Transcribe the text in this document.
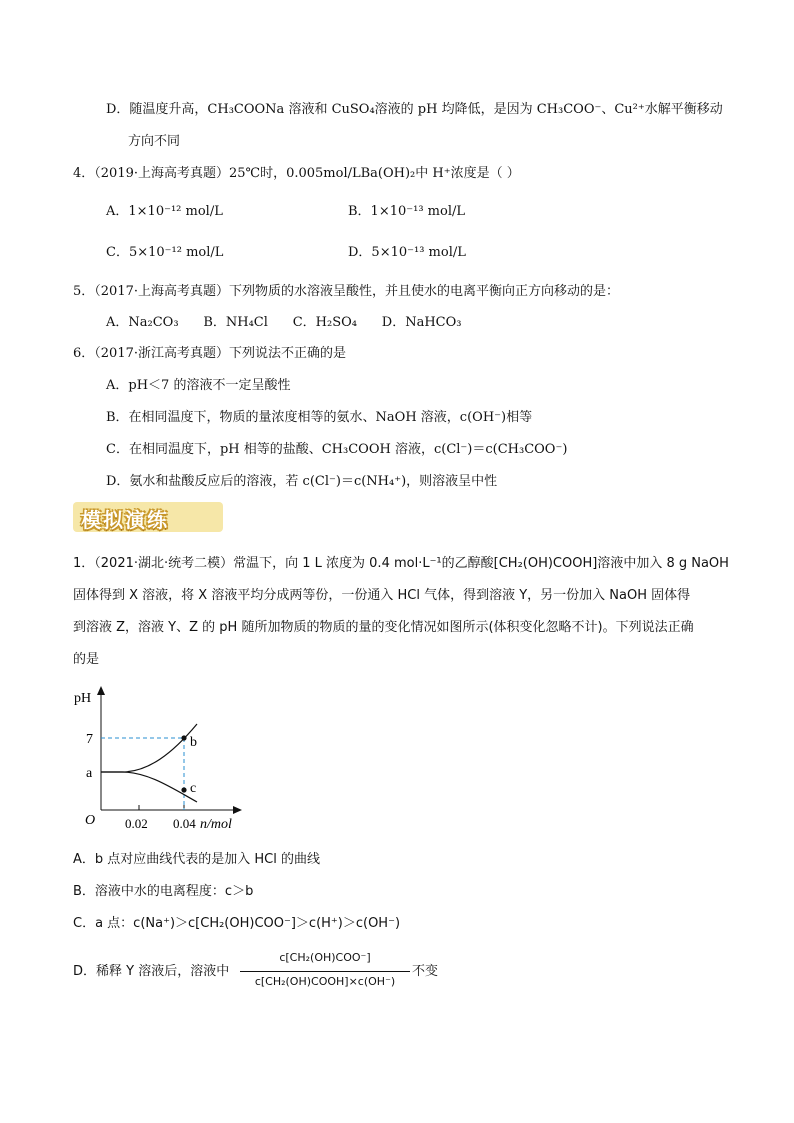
D．随温度升高，CH₃COONa 溶液和 CuSO₄溶液的 pH 均降低，是因为 CH₃COO⁻、Cu²⁺水解平衡移动
方向不同
4．（2019·上海高考真题）25℃时，0.005mol/LBa(OH)₂中 H⁺浓度是（ ）
A．1×10⁻¹² mol/L	B．1×10⁻¹³ mol/L
C．5×10⁻¹² mol/L	D．5×10⁻¹³ mol/L
5．（2017·上海高考真题）下列物质的水溶液呈酸性，并且使水的电离平衡向正方向移动的是：
A．Na₂CO₃      B．NH₄Cl      C．H₂SO₄      D．NaHCO₃
6．（2017·浙江高考真题）下列说法不正确的是
A．pH＜7 的溶液不一定呈酸性
B．在相同温度下，物质的量浓度相等的氨水、NaOH 溶液，c(OH⁻)相等
C．在相同温度下，pH 相等的盐酸、CH₃COOH 溶液，c(Cl⁻)＝c(CH₃COO⁻)
D．氨水和盐酸反应后的溶液，若 c(Cl⁻)＝c(NH₄⁺)，则溶液呈中性
模拟演练
1．（2021·湖北·统考二模）常温下，向 1 L 浓度为 0.4 mol·L⁻¹的乙醇酸[CH₂(OH)COOH]溶液中加入 8 g NaOH
固体得到 X 溶液，将 X 溶液平均分成两等份，一份通入 HCl 气体，得到溶液 Y，另一份加入 NaOH 固体得
到溶液 Z，溶液 Y、Z 的 pH 随所加物质的物质的量的变化情况如图所示(体积变化忽略不计)。下列说法正确
的是
pH
n/mol
O
7
a
0.02 0.04
b
c
A．b 点对应曲线代表的是加入 HCl 的曲线
B．溶液中水的电离程度：c＞b
C．a 点：c(Na⁺)＞c[CH₂(OH)COO⁻]＞c(H⁺)＞c(OH⁻)
D．稀释 Y 溶液后，溶液中
c[CH₂(OH)COO⁻]
c[CH₂(OH)COOH]×c(OH⁻)
不变
